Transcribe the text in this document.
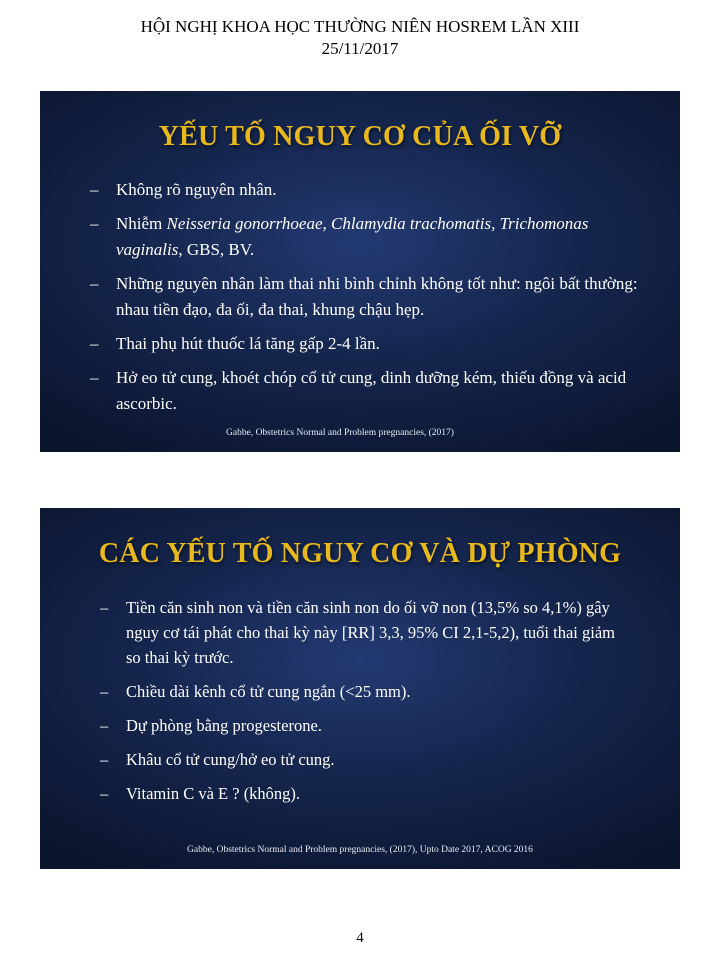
HỘI NGHỊ KHOA HỌC THƯỜNG NIÊN HOSREM LẦN XIII
25/11/2017
YẾU TỐ NGUY CƠ CỦA ỐI VỠ
–	Không rõ nguyên nhân.
–	Nhiễm Neisseria gonorrhoeae, Chlamydia trachomatis, Trichomonas vaginalis, GBS, BV.
–	Những nguyên nhân làm thai nhi bình chỉnh không tốt như: ngôi bất thường: nhau tiền đạo, đa ối, đa thai, khung chậu hẹp.
–	Thai phụ hút thuốc lá tăng gấp 2-4 lần.
–	Hở eo tử cung, khoét chóp cổ tử cung, dinh dưỡng kém, thiếu đồng và acid ascorbic.
Gabbe, Obstetrics Normal and Problem pregnancies, (2017)
CÁC YẾU TỐ NGUY CƠ VÀ DỰ PHÒNG
–	Tiền căn sinh non và tiền căn sinh non do ối vỡ non (13,5% so 4,1%) gây nguy cơ tái phát cho thai kỳ này [RR] 3,3, 95% CI 2,1-5,2), tuổi thai giảm so thai kỳ trước.
–	Chiều dài kênh cổ tử cung ngắn (<25 mm).
–	Dự phòng bằng progesterone.
–	Khâu cổ tử cung/hở eo tử cung.
–	Vitamin C và E ? (không).
Gabbe, Obstetrics Normal and Problem pregnancies, (2017), Upto Date 2017, ACOG 2016
4
